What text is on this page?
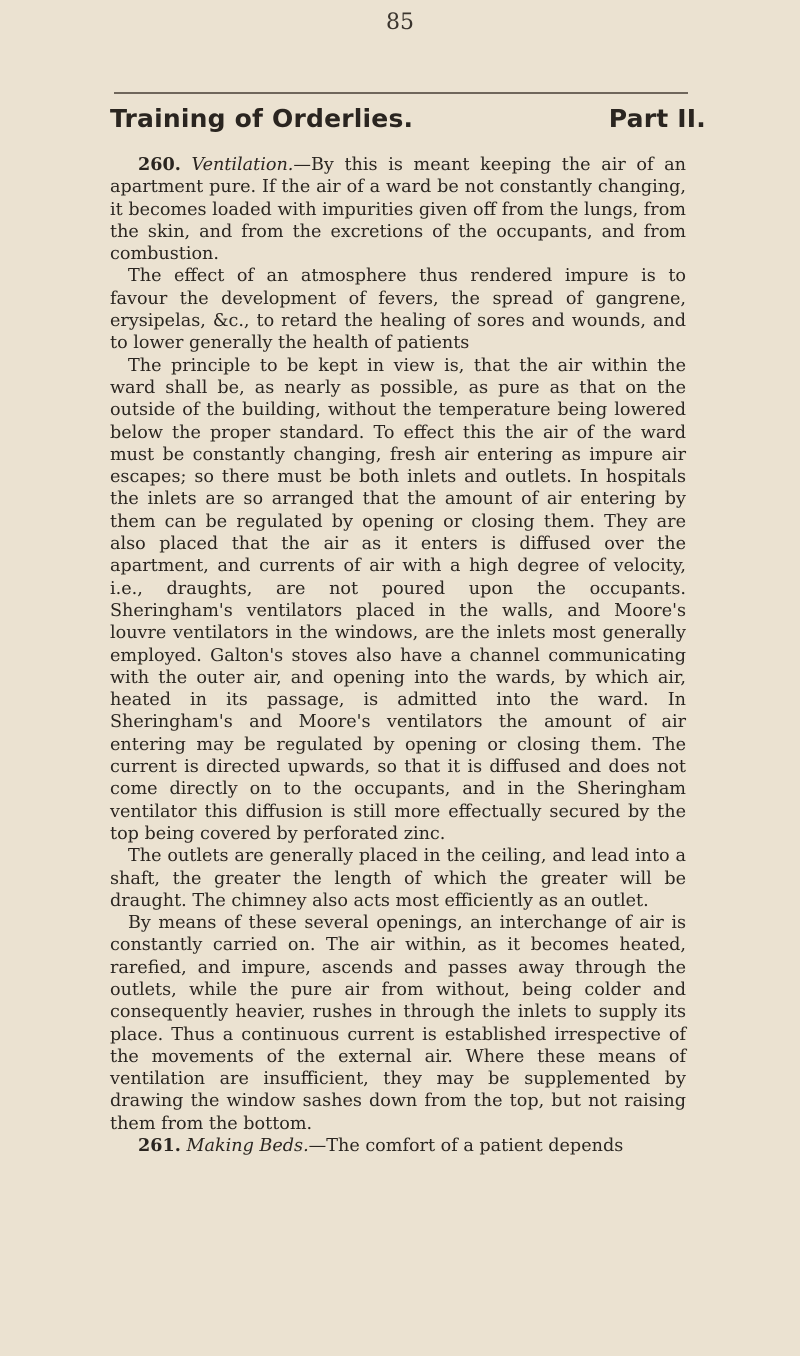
85
Training of Orderlies.	Part II.

260. Ventilation.—By this is meant keeping the air of an apartment pure. If the air of a ward be not constantly changing, it becomes loaded with impurities given off from the lungs, from the skin, and from the excretions of the occupants, and from combustion.

The effect of an atmosphere thus rendered impure is to favour the development of fevers, the spread of gangrene, erysipelas, &c., to retard the healing of sores and wounds, and to lower generally the health of patients

The principle to be kept in view is, that the air within the ward shall be, as nearly as possible, as pure as that on the outside of the building, without the temperature being lowered below the proper standard. To effect this the air of the ward must be constantly changing, fresh air entering as impure air escapes; so there must be both inlets and outlets. In hospitals the inlets are so arranged that the amount of air entering by them can be regulated by opening or closing them. They are also placed that the air as it enters is diffused over the apartment, and currents of air with a high degree of velocity, i.e., draughts, are not poured upon the occupants. Sheringham's ventilators placed in the walls, and Moore's louvre ventilators in the windows, are the inlets most generally employed. Galton's stoves also have a channel communicating with the outer air, and opening into the wards, by which air, heated in its passage, is admitted into the ward. In Sheringham's and Moore's ventilators the amount of air entering may be regulated by opening or closing them. The current is directed upwards, so that it is diffused and does not come directly on to the occupants, and in the Sheringham ventilator this diffusion is still more effectually secured by the top being covered by perforated zinc.

The outlets are generally placed in the ceiling, and lead into a shaft, the greater the length of which the greater will be draught. The chimney also acts most efficiently as an outlet.

By means of these several openings, an interchange of air is constantly carried on. The air within, as it becomes heated, rarefied, and impure, ascends and passes away through the outlets, while the pure air from without, being colder and consequently heavier, rushes in through the inlets to supply its place. Thus a continuous current is established irrespective of the movements of the external air. Where these means of ventilation are insufficient, they may be supplemented by drawing the window sashes down from the top, but not raising them from the bottom.

261. Making Beds.—The comfort of a patient depends
